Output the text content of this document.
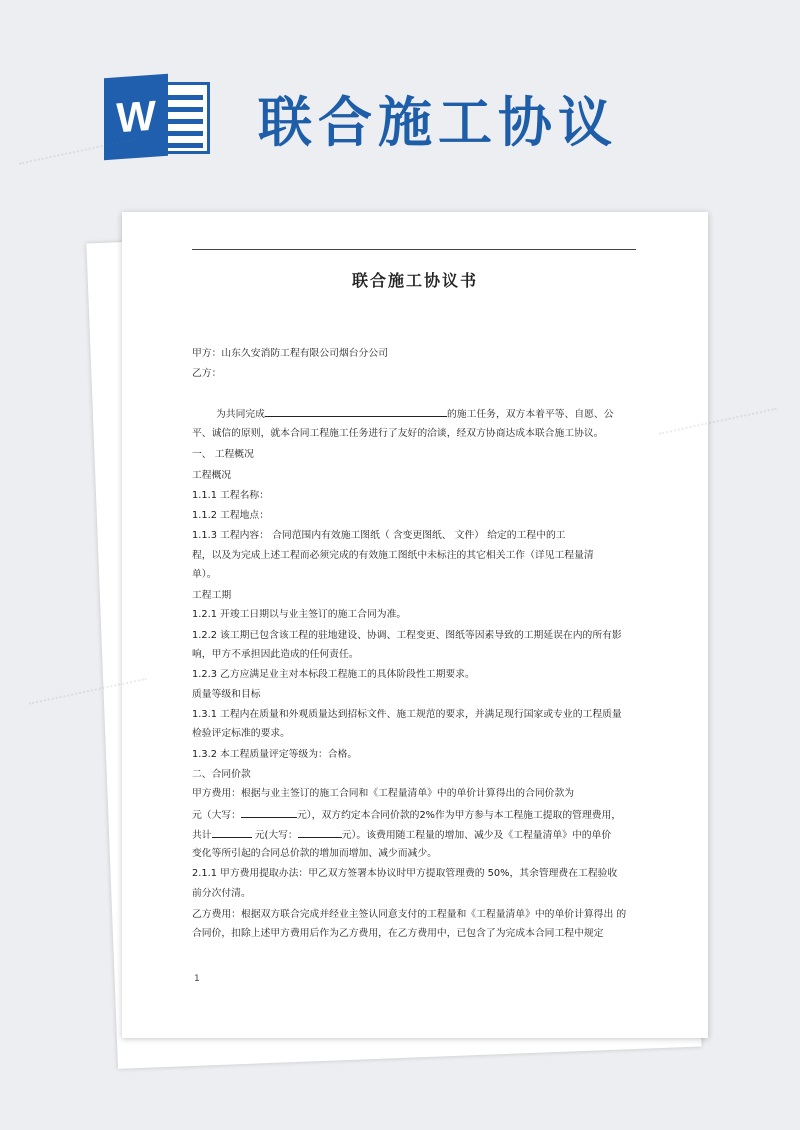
W 联合施工协议
联合施工协议书

甲方：山东久安消防工程有限公司烟台分公司

乙方：

为共同完成	的施工任务，双方本着平等、自愿、公

平、诚信的原则，就本合同工程施工任务进行了友好的洽谈，经双方协商达成本联合施工协议。

一、 工程概况

工程概况

1.1.1 工程名称：

1.1.2 工程地点：

1.1.3 工程内容： 合同范围内有效施工图纸（ 含变更图纸、 文件） 给定的工程中的工

程，以及为完成上述工程而必须完成的有效施工图纸中未标注的其它相关工作（详见工程量清

单）。

工程工期

1.2.1 开竣工日期以与业主签订的施工合同为准。

1.2.2 该工期已包含该工程的驻地建设、协调、工程变更、图纸等因素导致的工期延误在内的所有影

响，甲方不承担因此造成的任何责任。

1.2.3 乙方应满足业主对本标段工程施工的具体阶段性工期要求。

质量等级和目标

1.3.1 工程内在质量和外观质量达到招标文件、施工规范的要求，并满足现行国家或专业的工程质量

检验评定标准的要求。

1.3.2 本工程质量评定等级为：合格。

二、合同价款

甲方费用：根据与业主签订的施工合同和《工程量清单》中的单价计算得出的合同价款为

元（大写：	元），双方约定本合同价款的2%作为甲方参与本工程施工提取的管理费用，

共计	元(大写：	元）。该费用随工程量的增加、减少及《工程量清单》中的单价

变化等所引起的合同总价款的增加而增加、减少而减少。

2.1.1 甲方费用提取办法：甲乙双方签署本协议时甲方提取管理费的 50%，其余管理费在工程验收

前分次付清。

乙方费用：根据双方联合完成并经业主签认同意支付的工程量和《工程量清单》中的单价计算得出 的

合同价，扣除上述甲方费用后作为乙方费用，在乙方费用中，已包含了为完成本合同工程中规定

1
